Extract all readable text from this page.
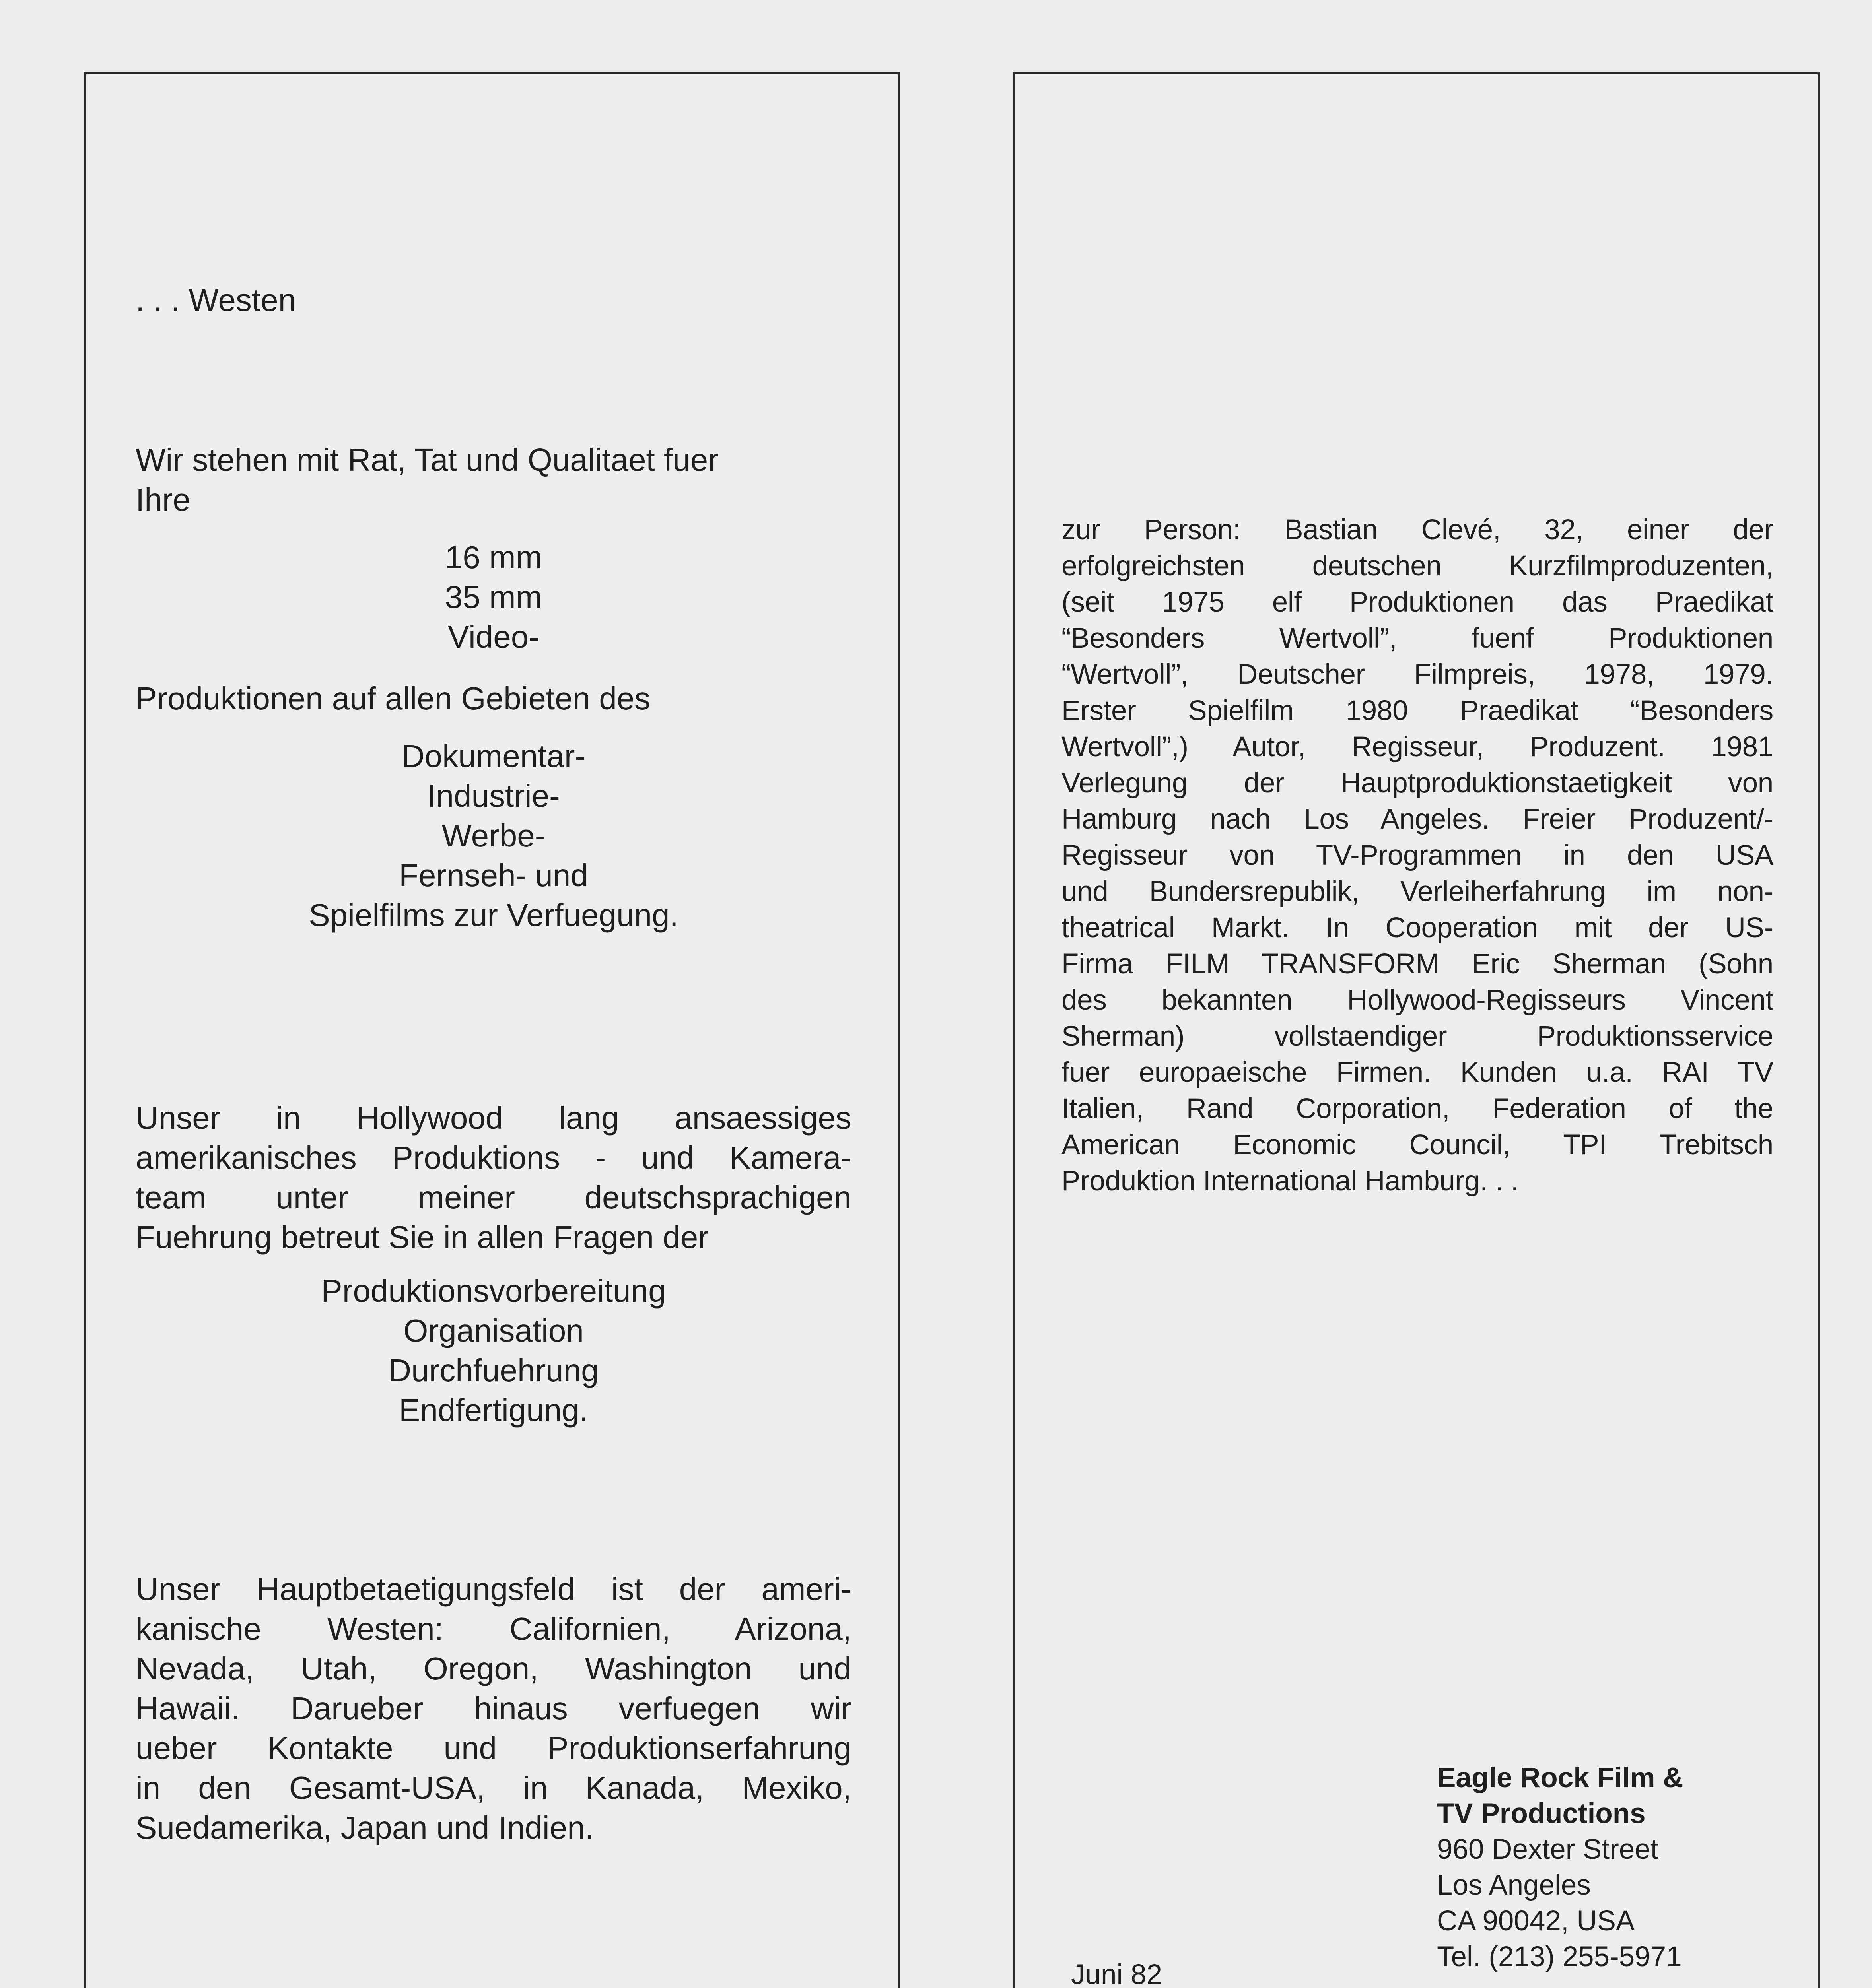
. . . Westen

Wir stehen mit Rat, Tat und Qualitaet fuer
Ihre
16 mm
35 mm
Video-

Produktionen auf allen Gebieten des

Dokumentar-
Industrie-
Werbe-
Fernseh- und
Spielfilms zur Verfuegung.
Unser in Hollywood lang ansaessiges
amerikanisches Produktions - und Kamera-
team unter meiner deutschsprachigen
Fuehrung betreut Sie in allen Fragen der
Produktionsvorbereitung
Organisation
Durchfuehrung
Endfertigung.
Unser Hauptbetaetigungsfeld ist der ameri-
kanische Westen: Californien, Arizona,
Nevada, Utah, Oregon, Washington und
Hawaii. Darueber hinaus verfuegen wir
ueber Kontakte und Produktionserfahrung
in den Gesamt-USA, in Kanada, Mexiko,
Suedamerika, Japan und Indien.
zur Person: Bastian Clevé, 32, einer der
erfolgreichsten deutschen Kurzfilmproduzenten,
(seit 1975 elf Produktionen das Praedikat
“Besonders Wertvoll”, fuenf Produktionen
“Wertvoll”, Deutscher Filmpreis, 1978, 1979.
Erster Spielfilm 1980 Praedikat “Besonders
Wertvoll”,) Autor, Regisseur, Produzent. 1981
Verlegung der Hauptproduktionstaetigkeit von
Hamburg nach Los Angeles. Freier Produzent/-
Regisseur von TV-Programmen in den USA
und Bundersrepublik, Verleiherfahrung im non-
theatrical Markt. In Cooperation mit der US-
Firma FILM TRANSFORM Eric Sherman (Sohn
des bekannten Hollywood-Regisseurs Vincent
Sherman) vollstaendiger Produktionsservice
fuer europaeische Firmen. Kunden u.a. RAI TV
Italien, Rand Corporation, Federation of the
American Economic Council, TPI Trebitsch
Produktion International Hamburg. . .
Eagle Rock Film &
TV Productions
960 Dexter Street
Los Angeles
CA 90042, USA
Tel. (213) 255-5971
Juni 82
